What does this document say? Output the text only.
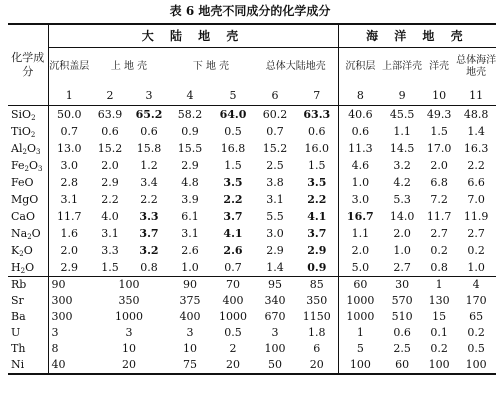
表 6 地壳不同成分的化学成分
化学成分	大 陆 地 壳							海 洋 地 壳			
	沉积盖层	上 地 壳		下 地 壳		总体大陆地壳		沉积层	上部洋壳	洋壳	总体海洋地壳
	1	2	3	4	5	6	7	8	9	10	11
SiO$_2$	50.0	63.9	65.2	58.2	64.0	60.2	63.3	40.6	45.5	49.3	48.8
TiO$_2$	0.7	0.6	0.6	0.9	0.5	0.7	0.6	0.6	1.1	1.5	1.4
$Al_2O_3$	13.0	15.2	15.8	15.5	16.8	15.2	16.0	11.3	14.5	17.0	16.3
$Fe_2O_3$	3.0	2.0	1.2	2.9	1.5	2.5	1.5	4.6	3.2	2.0	2.2
FeO	2.8	2.9	3.4	4.8	3.5	3.8	3.5	1.0	4.2	6.8	6.6
MgO	3.1	2.2	2.2	3.9	2.2	3.1	2.2	3.0	5.3	7.2	7.0
CaO	11.7	4.0	3.3	6.1	3.7	5.5	4.1	16.7	14.0	11.7	11.9
$Na_2O$	1.6	3.1	3.7	3.1	4.1	3.0	3.7	1.1	2.0	2.7	2.7
$K_2O$	2.0	3.3	3.2	2.6	2.6	2.9	2.9	2.0	1.0	0.2	0.2
$H_2O$	2.9	1.5	0.8	1.0	0.7	1.4	0.9	5.0	2.7	0.8	1.0
Rb	90	100		90	70	95	85	60	30	1	4
Sr	300	350		375	400	340	350	1000	570	130	170
Ba	300	1000		400	1000	670	1150	1000	510	15	65
U	3	3		3	0.5	3	1.8	1	0.6	0.1	0.2
Th	8	10		10	2	100	6	5	2.5	0.2	0.5
Ni	40	20		75	20	50	20	100	60	100	100
